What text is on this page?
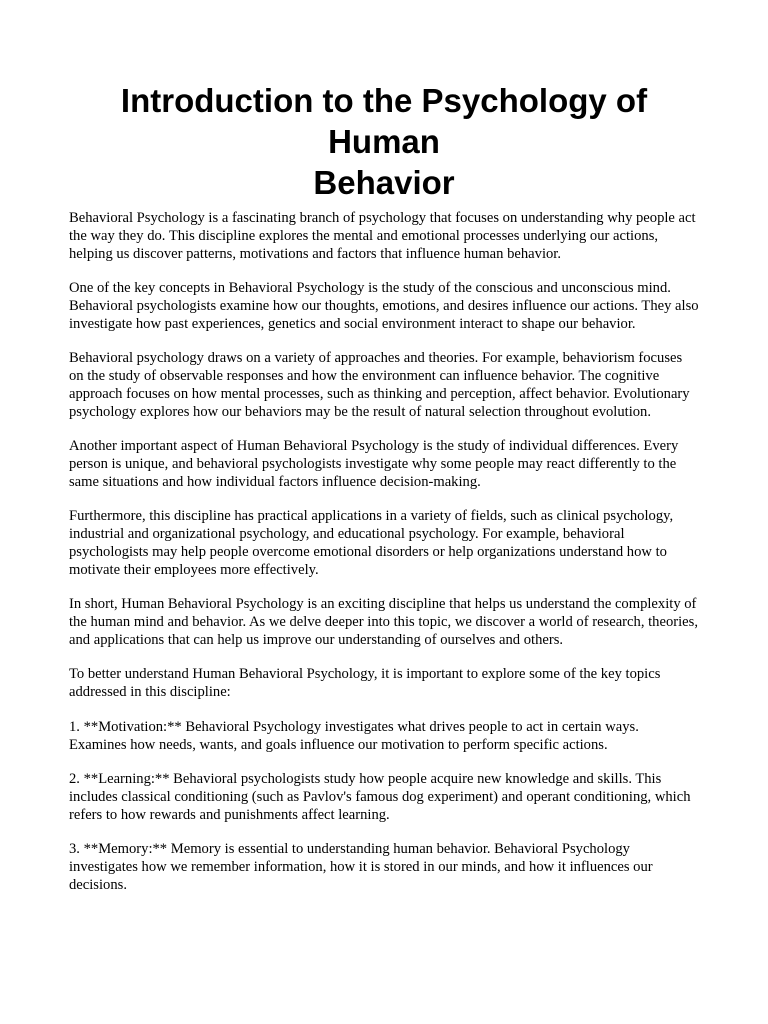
Introduction to the Psychology of
Human
Behavior

Behavioral Psychology is a fascinating branch of psychology that focuses on understanding why people act the way they do. This discipline explores the mental and emotional processes underlying our actions, helping us discover patterns, motivations and factors that influence human behavior.

One of the key concepts in Behavioral Psychology is the study of the conscious and unconscious mind. Behavioral psychologists examine how our thoughts, emotions, and desires influence our actions. They also investigate how past experiences, genetics and social environment interact to shape our behavior.

Behavioral psychology draws on a variety of approaches and theories. For example, behaviorism focuses on the study of observable responses and how the environment can influence behavior. The cognitive approach focuses on how mental processes, such as thinking and perception, affect behavior. Evolutionary psychology explores how our behaviors may be the result of natural selection throughout evolution.

Another important aspect of Human Behavioral Psychology is the study of individual differences. Every person is unique, and behavioral psychologists investigate why some people may react differently to the same situations and how individual factors influence decision-making.

Furthermore, this discipline has practical applications in a variety of fields, such as clinical psychology, industrial and organizational psychology, and educational psychology. For example, behavioral psychologists may help people overcome emotional disorders or help organizations understand how to motivate their employees more effectively.

In short, Human Behavioral Psychology is an exciting discipline that helps us understand the complexity of the human mind and behavior. As we delve deeper into this topic, we discover a world of research, theories, and applications that can help us improve our understanding of ourselves and others.

To better understand Human Behavioral Psychology, it is important to explore some of the key topics addressed in this discipline:

1. **Motivation:** Behavioral Psychology investigates what drives people to act in certain ways. Examines how needs, wants, and goals influence our motivation to perform specific actions.
2. **Learning:** Behavioral psychologists study how people acquire new knowledge and skills. This includes classical conditioning (such as Pavlov's famous dog experiment) and operant conditioning, which refers to how rewards and punishments affect learning.
3. **Memory:** Memory is essential to understanding human behavior. Behavioral Psychology investigates how we remember information, how it is stored in our minds, and how it influences our decisions.
